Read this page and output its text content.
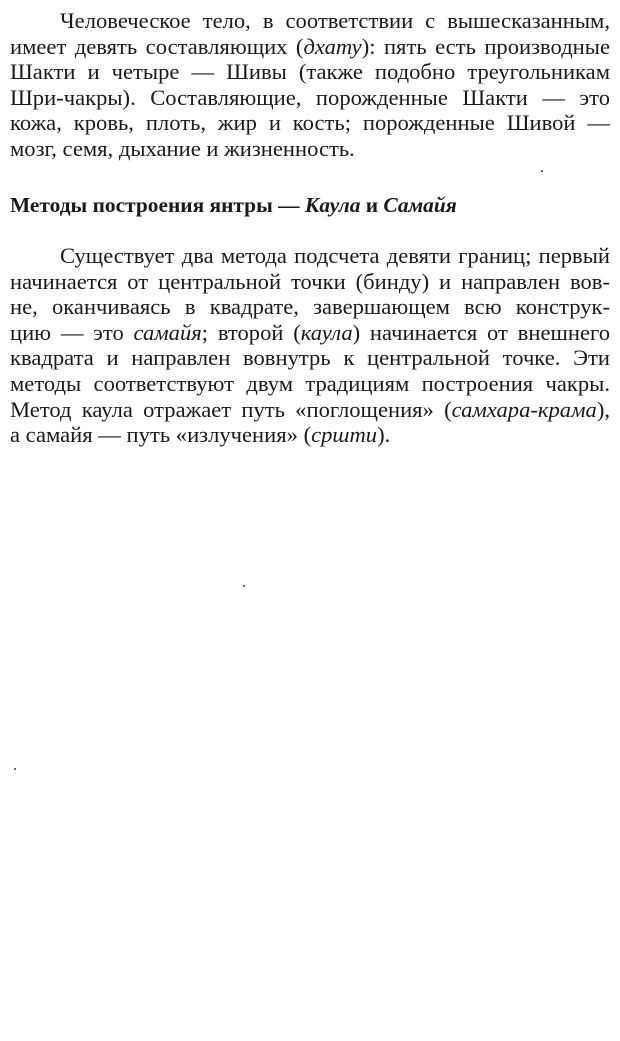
Человеческое тело, в соответствии с вышесказанным,
имеет девять составляющих (дхату): пять есть производные
Шакти и четыре — Шивы (также подобно треугольникам
Шри-чакры). Составляющие, порожденные Шакти — это
кожа, кровь, плоть, жир и кость; порожденные Шивой —
мозг, семя, дыхание и жизненность.
Методы построения янтры — Каула и Самайя
Существует два метода подсчета девяти границ; первый
начинается от центральной точки (бинду) и направлен вов-
не, оканчиваясь в квадрате, завершающем всю конструк-
цию — это самайя; второй (каула) начинается от внешнего
квадрата и направлен вовнутрь к центральной точке. Эти
методы соответствуют двум традициям построения чакры.
Метод каула отражает путь «поглощения» (самхара-крама),
а самайя — путь «излучения» (сршти).
